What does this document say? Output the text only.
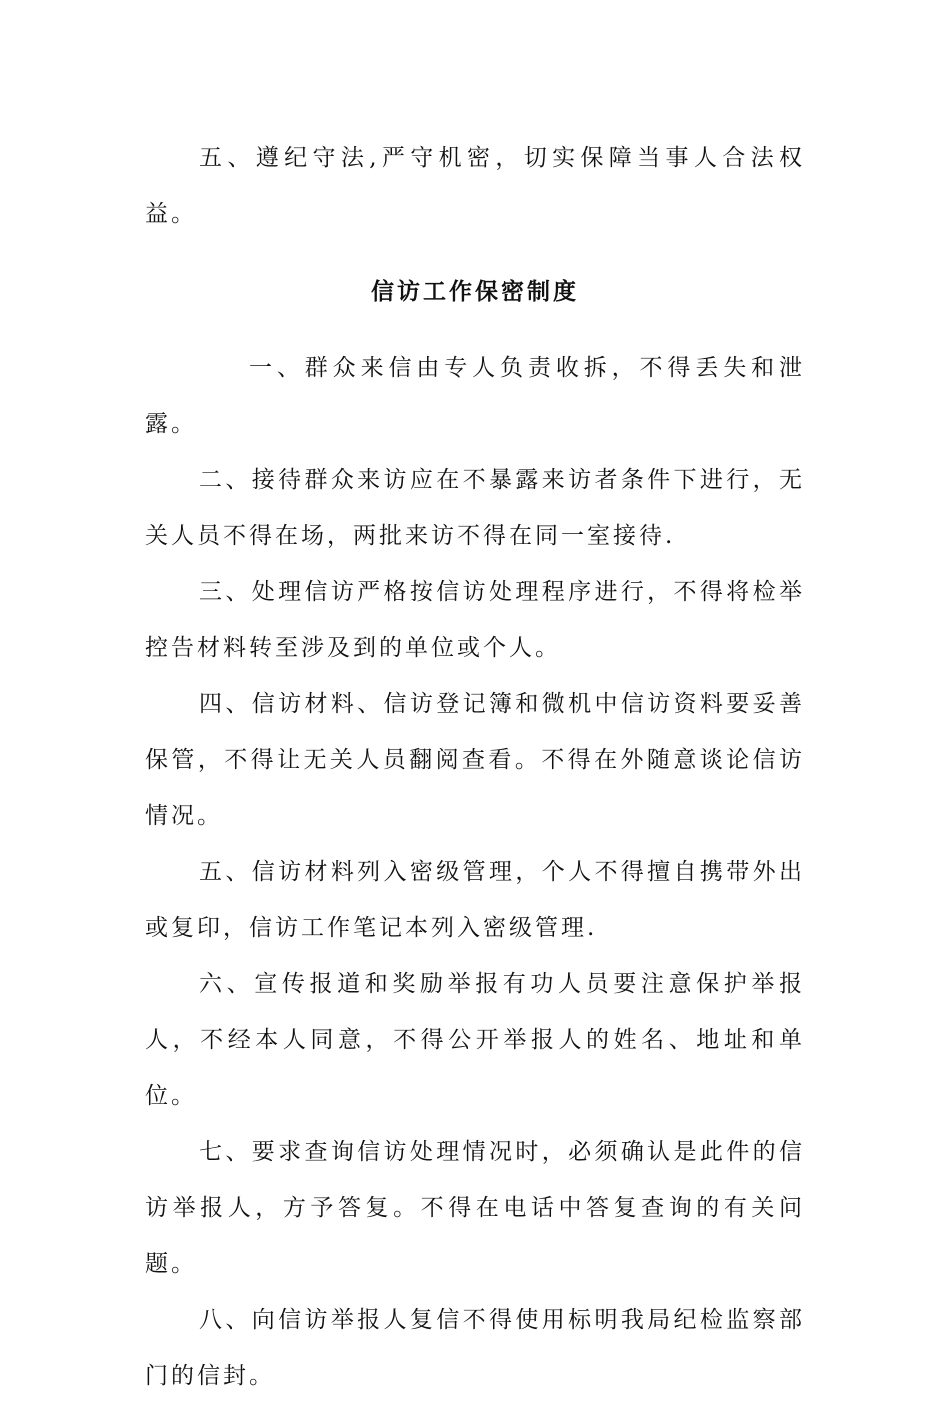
五、遵纪守法,严守机密，切实保障当事人合法权益。

信访工作保密制度

一、群众来信由专人负责收拆，不得丢失和泄露。

二、接待群众来访应在不暴露来访者条件下进行，无关人员不得在场，两批来访不得在同一室接待.

三、处理信访严格按信访处理程序进行，不得将检举控告材料转至涉及到的单位或个人。

四、信访材料、信访登记簿和微机中信访资料要妥善保管，不得让无关人员翻阅查看。不得在外随意谈论信访情况。

五、信访材料列入密级管理，个人不得擅自携带外出或复印，信访工作笔记本列入密级管理.

六、宣传报道和奖励举报有功人员要注意保护举报人，不经本人同意，不得公开举报人的姓名、地址和单位。

七、要求查询信访处理情况时，必须确认是此件的信访举报人，方予答复。不得在电话中答复查询的有关问题。

八、向信访举报人复信不得使用标明我局纪检监察部门的信封。
